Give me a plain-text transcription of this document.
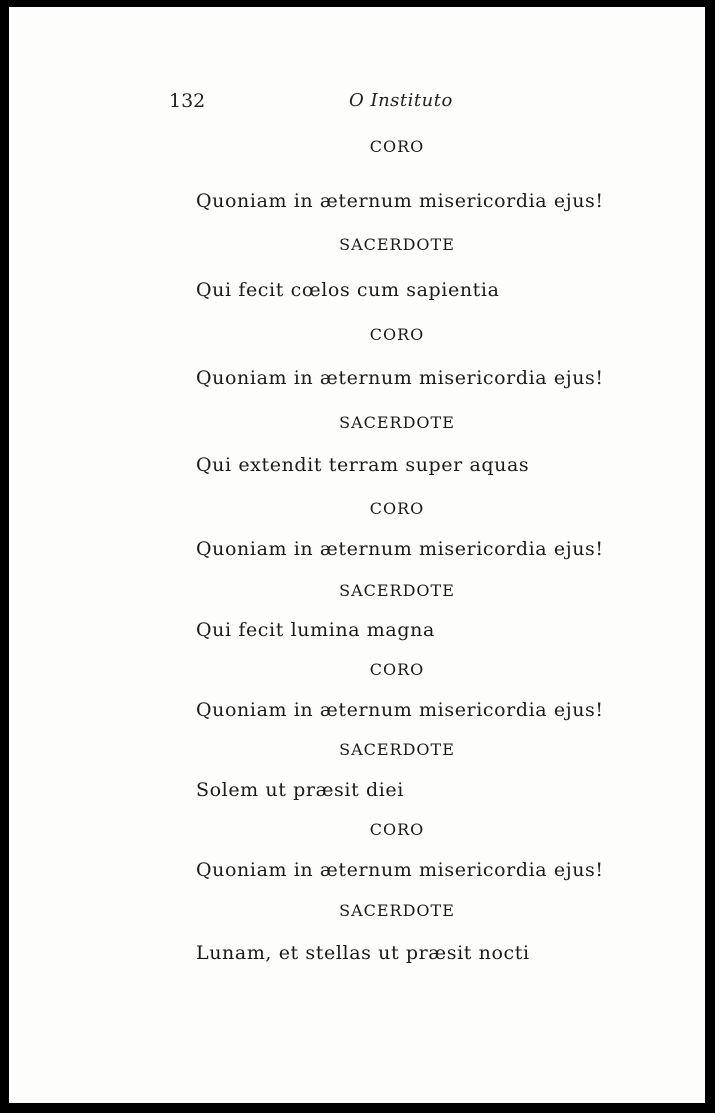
132	O Instituto
CORO
Quoniam in æternum misericordia ejus!
SACERDOTE
Qui fecit cœlos cum sapientia
CORO
Quoniam in æternum misericordia ejus!
SACERDOTE
Qui extendit terram super aquas
CORO
Quoniam in æternum misericordia ejus!
SACERDOTE
Qui fecit lumina magna
CORO
Quoniam in æternum misericordia ejus!
SACERDOTE
Solem ut præsit diei
CORO
Quoniam in æternum misericordia ejus!
SACERDOTE
Lunam, et stellas ut præsit nocti
